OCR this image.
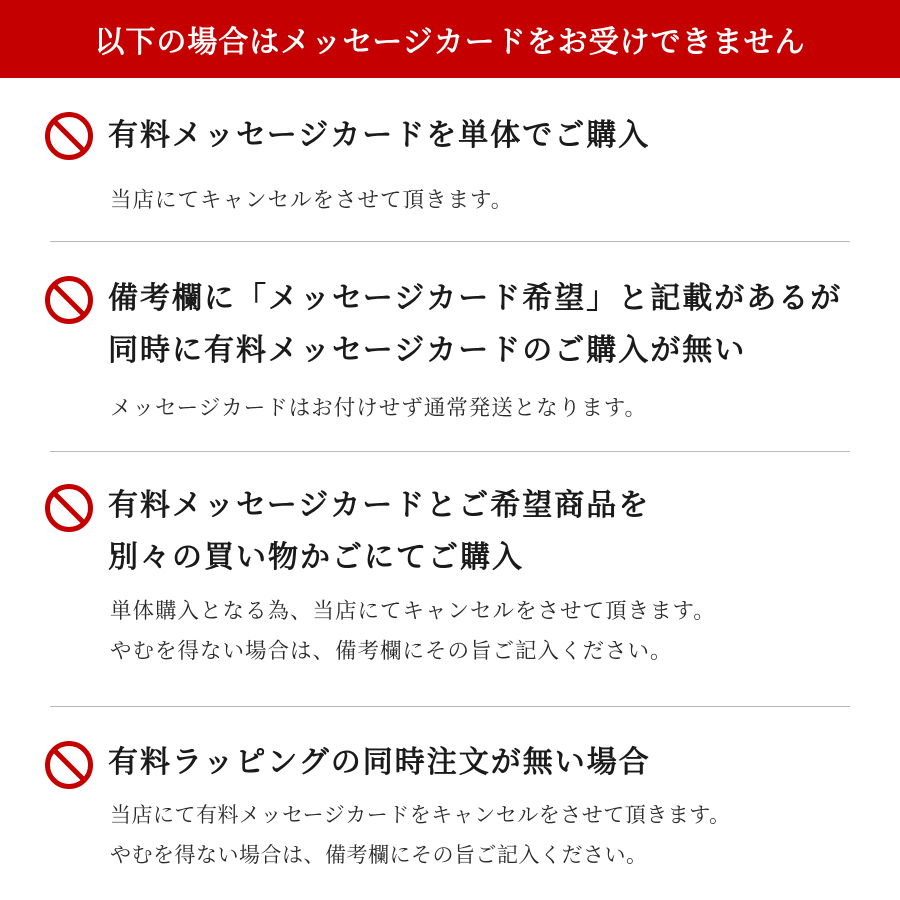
以下の場合はメッセージカードをお受けできません
有料メッセージカードを単体でご購入

当店にてキャンセルをさせて頂きます。

備考欄に「メッセージカード希望」と記載があるが
同時に有料メッセージカードのご購入が無い

メッセージカードはお付けせず通常発送となります。

有料メッセージカードとご希望商品を
別々の買い物かごにてご購入

単体購入となる為、当店にてキャンセルをさせて頂きます。
やむを得ない場合は、備考欄にその旨ご記入ください。

有料ラッピングの同時注文が無い場合

当店にて有料メッセージカードをキャンセルをさせて頂きます。
やむを得ない場合は、備考欄にその旨ご記入ください。
